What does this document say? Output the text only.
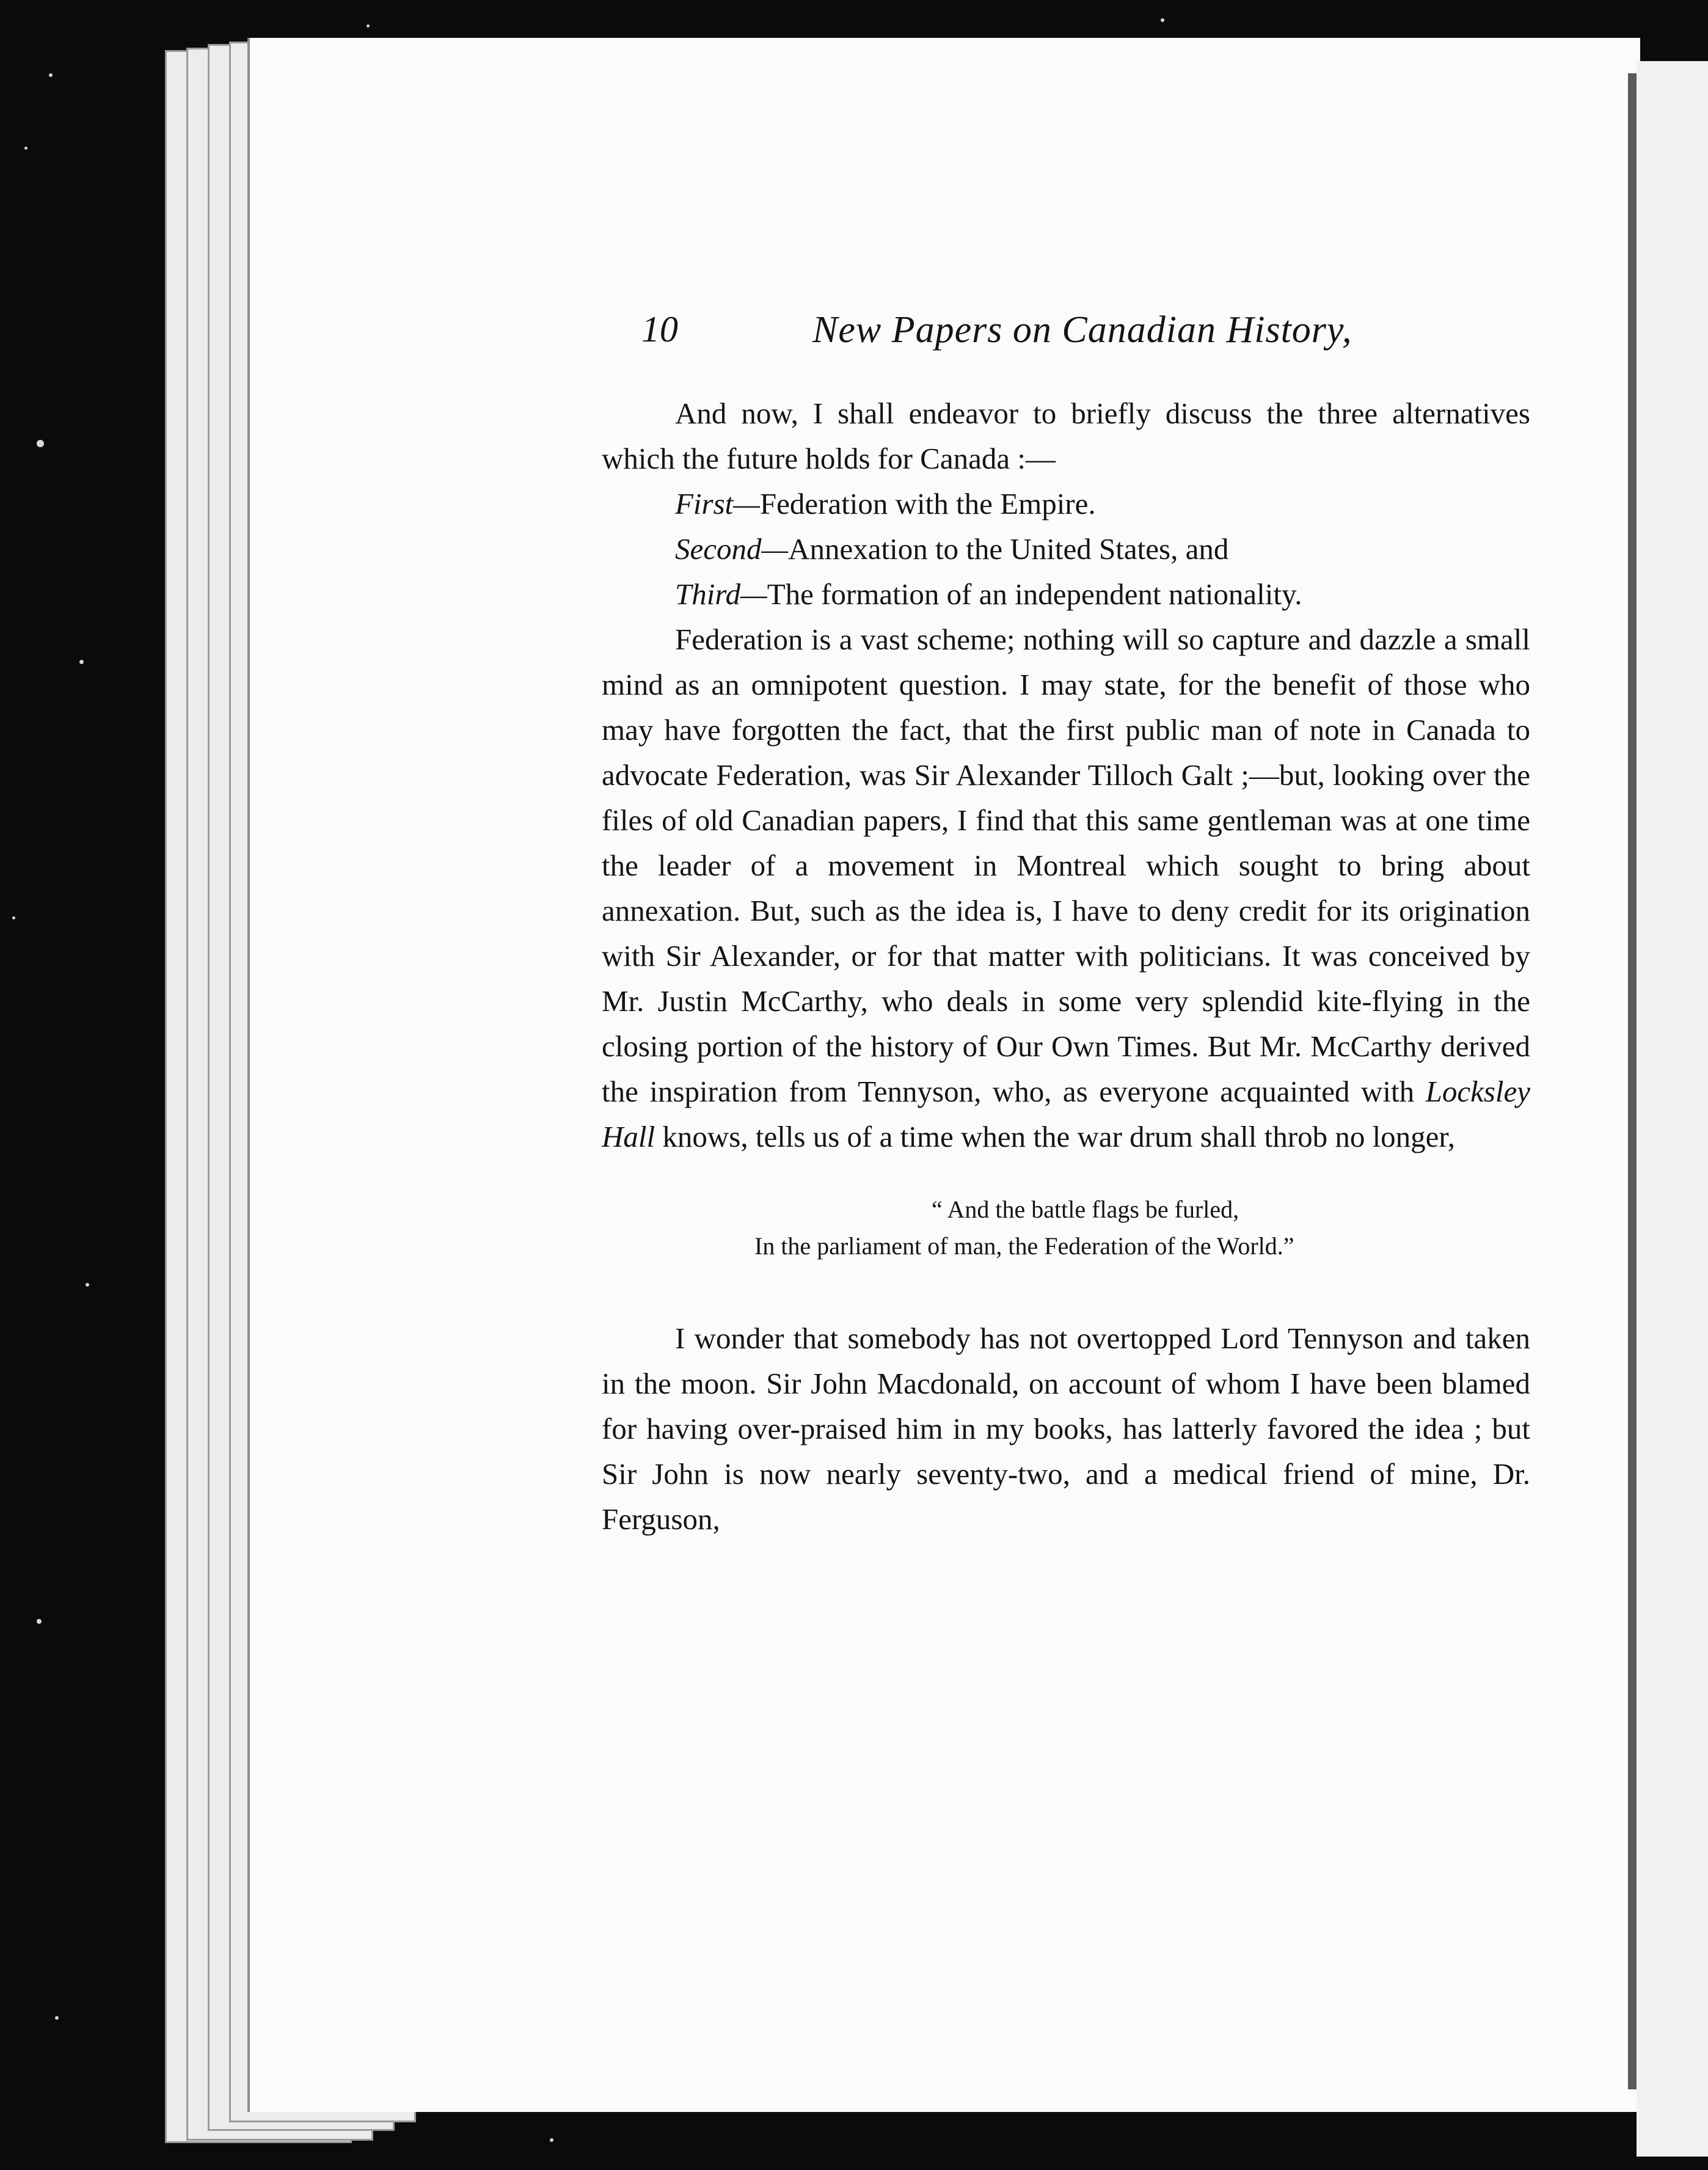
10	New Papers on Canadian History,

And now, I shall endeavor to briefly discuss the three alternatives which the future holds for Canada :—

First—Federation with the Empire.
Second—Annexation to the United States, and
Third—The formation of an independent nationality.

Federation is a vast scheme; nothing will so capture and dazzle a small mind as an omnipotent question. I may state, for the benefit of those who may have forgotten the fact, that the first public man of note in Canada to advocate Federation, was Sir Alexander Tilloch Galt ;—but, looking over the files of old Canadian papers, I find that this same gentleman was at one time the leader of a movement in Montreal which sought to bring about annexation. But, such as the idea is, I have to deny credit for its origination with Sir Alexander, or for that matter with politicians. It was conceived by Mr. Justin McCarthy, who deals in some very splendid kite-flying in the closing portion of the history of Our Own Times. But Mr. McCarthy derived the inspiration from Tennyson, who, as everyone acquainted with Locksley Hall knows, tells us of a time when the war drum shall throb no longer,

“ And the battle flags be furled,
In the parliament of man, the Federation of the World.”

I wonder that somebody has not overtopped Lord Tennyson and taken in the moon. Sir John Macdonald, on account of whom I have been blamed for having over-praised him in my books, has latterly favored the idea ; but Sir John is now nearly seventy-two, and a medical friend of mine, Dr. Ferguson,
